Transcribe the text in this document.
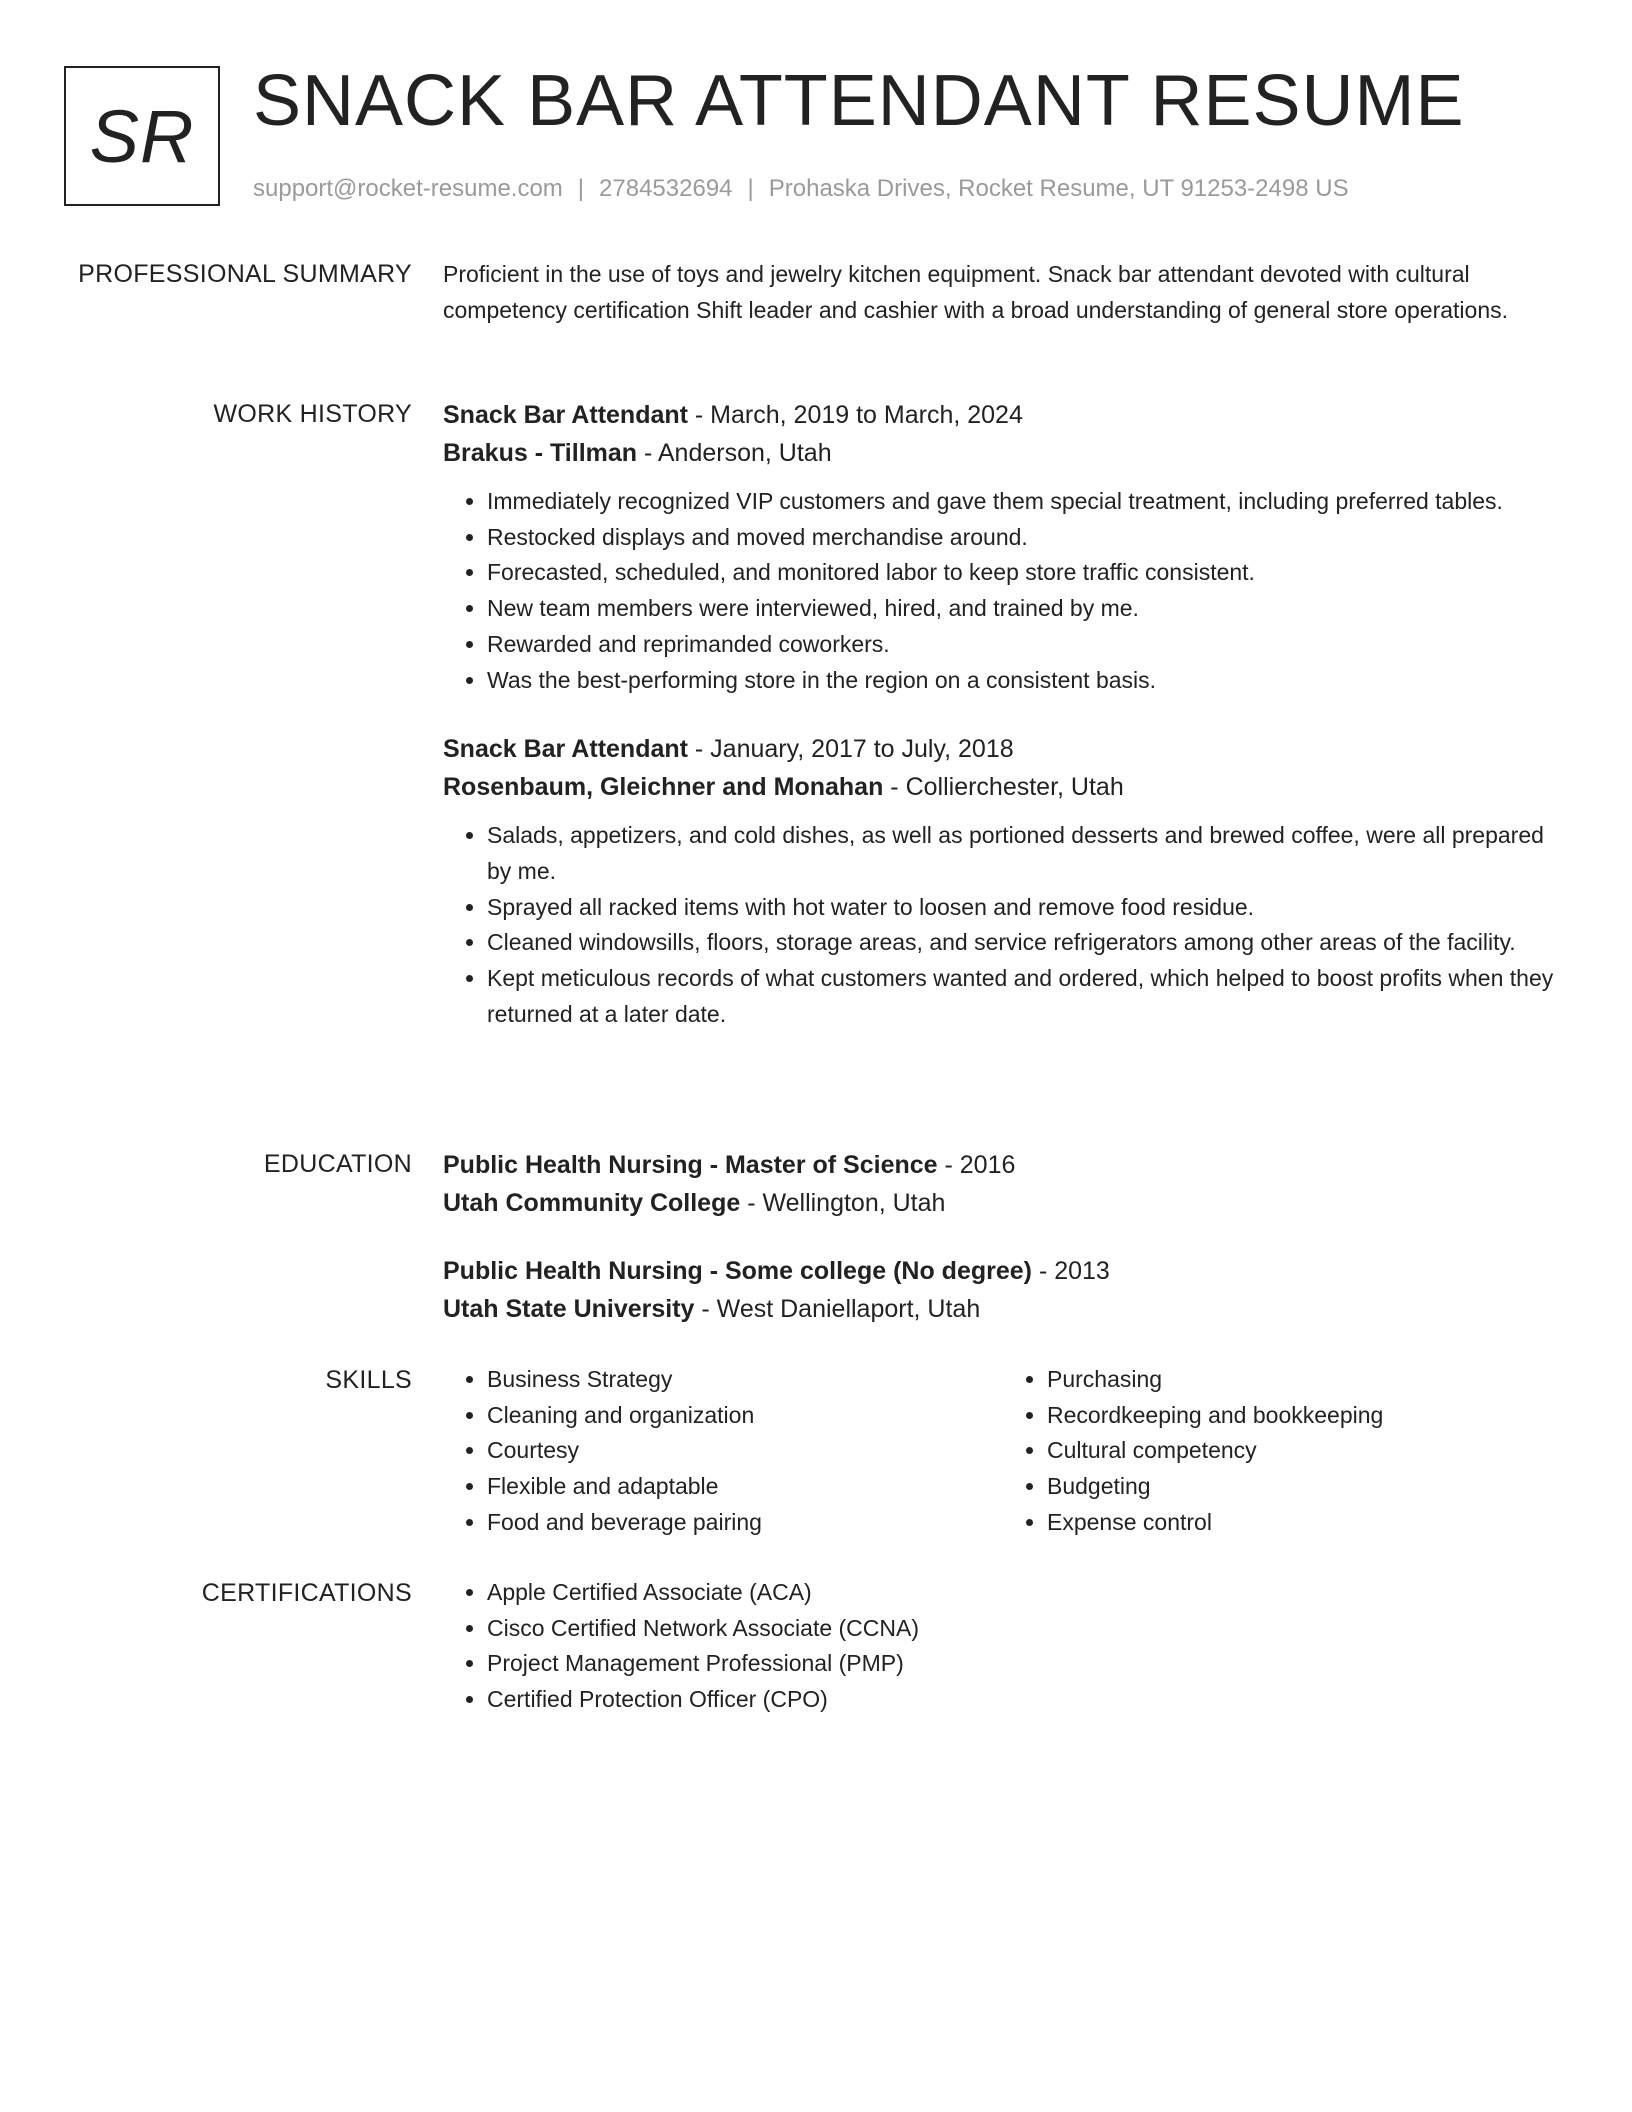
SR SNACK BAR ATTENDANT RESUME
support@rocket-resume.com | 2784532694 | Prohaska Drives, Rocket Resume, UT 91253-2498 US
PROFESSIONAL SUMMARY Proficient in the use of toys and jewelry kitchen equipment. Snack bar attendant devoted with cultural competency certification Shift leader and cashier with a broad understanding of general store operations.

WORK HISTORY Snack Bar Attendant - March, 2019 to March, 2024
Brakus - Tillman - Anderson, Utah
• Immediately recognized VIP customers and gave them special treatment, including preferred tables.
• Restocked displays and moved merchandise around.
• Forecasted, scheduled, and monitored labor to keep store traffic consistent.
• New team members were interviewed, hired, and trained by me.
• Rewarded and reprimanded coworkers.
• Was the best-performing store in the region on a consistent basis.
Snack Bar Attendant - January, 2017 to July, 2018
Rosenbaum, Gleichner and Monahan - Collierchester, Utah
• Salads, appetizers, and cold dishes, as well as portioned desserts and brewed coffee, were all prepared by me.
• Sprayed all racked items with hot water to loosen and remove food residue.
• Cleaned windowsills, floors, storage areas, and service refrigerators among other areas of the facility.
• Kept meticulous records of what customers wanted and ordered, which helped to boost profits when they returned at a later date.
EDUCATION Public Health Nursing - Master of Science - 2016
Utah Community College - Wellington, Utah
Public Health Nursing - Some college (No degree) - 2013
Utah State University - West Daniellaport, Utah
SKILLS	• Business Strategy
• Cleaning and organization
• Courtesy
• Flexible and adaptable
• Food and beverage pairing
• Purchasing
• Recordkeeping and bookkeeping
• Cultural competency
• Budgeting
• Expense control
CERTIFICATIONS	• Apple Certified Associate (ACA)
• Cisco Certified Network Associate (CCNA)
• Project Management Professional (PMP)
• Certified Protection Officer (CPO)
